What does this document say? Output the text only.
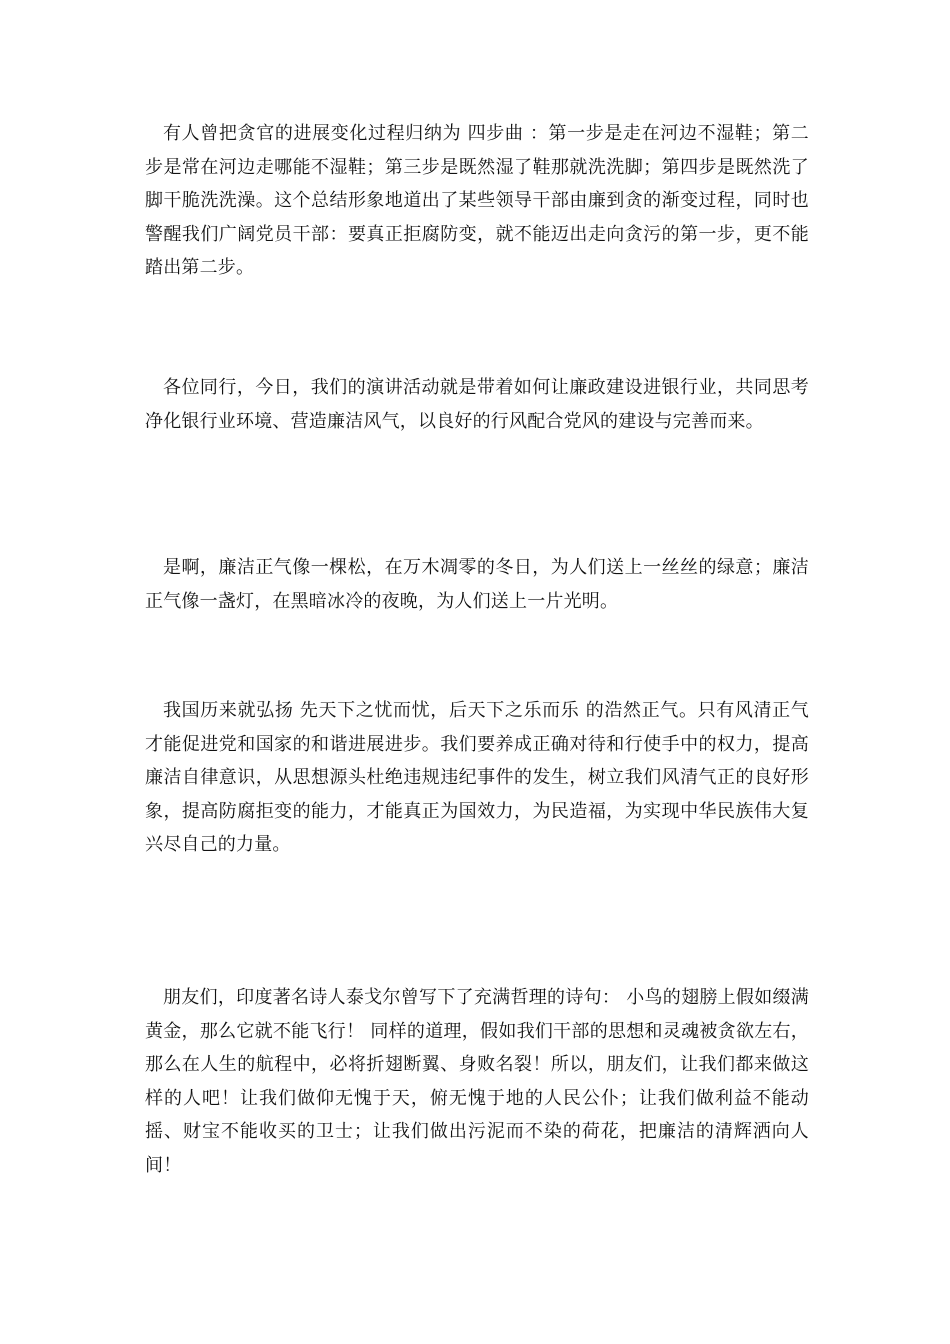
有人曾把贪官的进展变化过程归纳为 四步曲 ：第一步是走在河边不湿鞋；第二步是常在河边走哪能不湿鞋；第三步是既然湿了鞋那就洗洗脚；第四步是既然洗了脚干脆洗洗澡。这个总结形象地道出了某些领导干部由廉到贪的渐变过程，同时也警醒我们广阔党员干部：要真正拒腐防变，就不能迈出走向贪污的第一步，更不能踏出第二步。

各位同行，今日，我们的演讲活动就是带着如何让廉政建设进银行业，共同思考净化银行业环境、营造廉洁风气，以良好的行风配合党风的建设与完善而来。

是啊，廉洁正气像一棵松，在万木凋零的冬日，为人们送上一丝丝的绿意；廉洁正气像一盏灯，在黑暗冰冷的夜晚，为人们送上一片光明。

我国历来就弘扬 先天下之忧而忧，后天下之乐而乐 的浩然正气。只有风清正气才能促进党和国家的和谐进展进步。我们要养成正确对待和行使手中的权力，提高廉洁自律意识，从思想源头杜绝违规违纪事件的发生，树立我们风清气正的良好形象，提高防腐拒变的能力，才能真正为国效力，为民造福，为实现中华民族伟大复兴尽自己的力量。

朋友们，印度著名诗人泰戈尔曾写下了充满哲理的诗句： 小鸟的翅膀上假如缀满黄金，那么它就不能飞行！ 同样的道理，假如我们干部的思想和灵魂被贪欲左右，那么在人生的航程中，必将折翅断翼、身败名裂！所以，朋友们，让我们都来做这样的人吧！让我们做仰无愧于天，俯无愧于地的人民公仆；让我们做利益不能动摇、财宝不能收买的卫士；让我们做出污泥而不染的荷花，把廉洁的清辉洒向人间！
